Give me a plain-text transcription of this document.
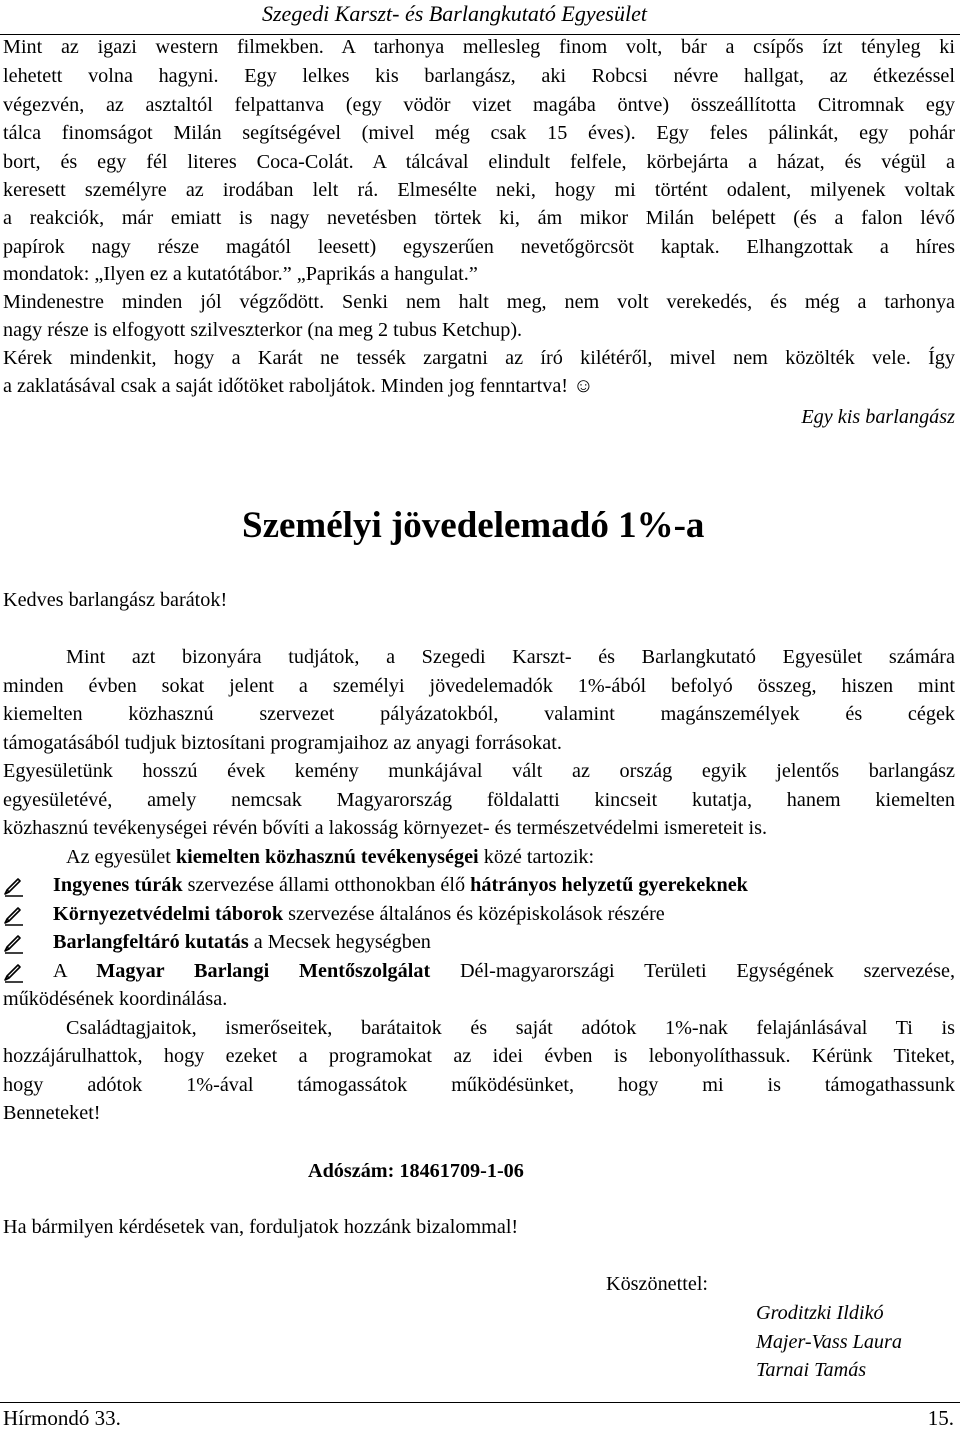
Szegedi Karszt- és Barlangkutató Egyesület
Mint az igazi western filmekben. A tarhonya mellesleg finom volt, bár a csípős ízt tényleg ki
lehetett volna hagyni. Egy lelkes kis barlangász, aki Robcsi névre hallgat, az étkezéssel
végezvén, az asztaltól felpattanva (egy vödör vizet magába öntve) összeállította Citromnak egy
tálca finomságot Milán segítségével (mivel még csak 15 éves). Egy feles pálinkát, egy pohár
bort, és egy fél literes Coca-Colát. A tálcával elindult felfele, körbejárta a házat, és végül a
keresett személyre az irodában lelt rá. Elmesélte neki, hogy mi történt odalent, milyenek voltak
a reakciók, már emiatt is nagy nevetésben törtek ki, ám mikor Milán belépett (és a falon lévő
papírok nagy része magától leesett) egyszerűen nevetőgörcsöt kaptak. Elhangzottak a híres
mondatok: „Ilyen ez a kutatótábor.” „Paprikás a hangulat.”
Mindenestre minden jól végződött. Senki nem halt meg, nem volt verekedés, és még a tarhonya
nagy része is elfogyott szilveszterkor (na meg 2 tubus Ketchup).
Kérek mindenkit, hogy a Karát ne tessék zargatni az író kilétéről, mivel nem közölték vele. Így
a zaklatásával csak a saját időtöket raboljátok. Minden jog fenntartva! ☺
Egy kis barlangász
Személyi jövedelemadó 1%-a
Kedves barlangász barátok!
Mint azt bizonyára tudjátok, a Szegedi Karszt- és Barlangkutató Egyesület számára
minden évben sokat jelent a személyi jövedelemadók 1%-ából befolyó összeg, hiszen mint
kiemelten közhasznú szervezet pályázatokból, valamint magánszemélyek és cégek
támogatásából tudjuk biztosítani programjaihoz az anyagi forrásokat.
Egyesületünk hosszú évek kemény munkájával vált az ország egyik jelentős barlangász
egyesületévé, amely nemcsak Magyarország földalatti kincseit kutatja, hanem kiemelten
közhasznú tevékenységei révén bővíti a lakosság környezet- és természetvédelmi ismereteit is.
Az egyesület kiemelten közhasznú tevékenységei közé tartozik:
Ingyenes túrák szervezése állami otthonokban élő hátrányos helyzetű gyerekeknek
Környezetvédelmi táborok szervezése általános és középiskolások részére
Barlangfeltáró kutatás a Mecsek hegységben
A Magyar Barlangi Mentőszolgálat Dél-magyarországi Területi Egységének szervezése,
működésének koordinálása.
Családtagjaitok, ismerőseitek, barátaitok és saját adótok 1%-nak felajánlásával Ti is
hozzájárulhattok, hogy ezeket a programokat az idei évben is lebonyolíthassuk. Kérünk Titeket,
hogy adótok 1%-ával támogassátok működésünket, hogy mi is támogathassunk
Benneteket!
Adószám: 18461709-1-06
Ha bármilyen kérdésetek van, forduljatok hozzánk bizalommal!
Köszönettel:
Groditzki Ildikó
Majer-Vass Laura
Tarnai Tamás
Hírmondó 33.	15.
